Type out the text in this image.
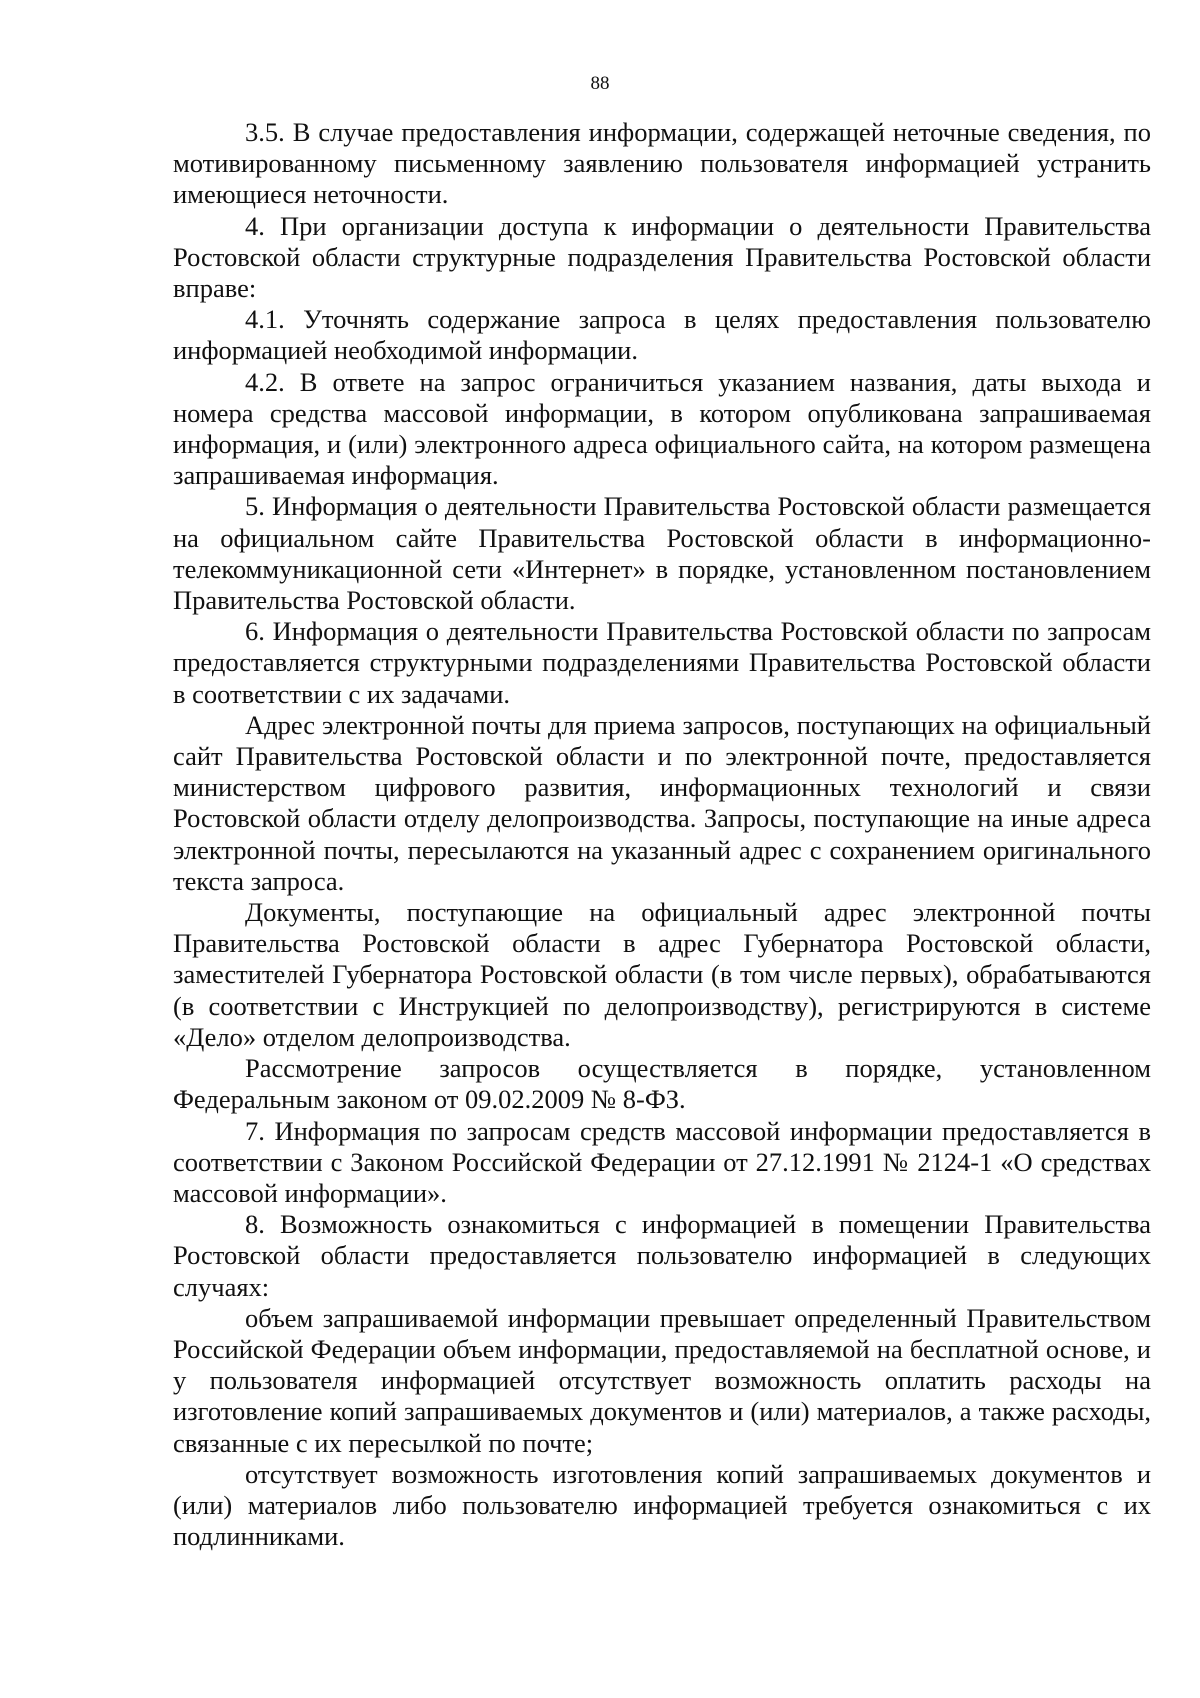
88

3.5. В случае предоставления информации, содержащей неточные сведения, по мотивированному письменному заявлению пользователя информацией устранить имеющиеся неточности.

4. При организации доступа к информации о деятельности Правительства Ростовской области структурные подразделения Правительства Ростовской области вправе:

4.1. Уточнять содержание запроса в целях предоставления пользователю информацией необходимой информации.

4.2. В ответе на запрос ограничиться указанием названия, даты выхода и номера средства массовой информации, в котором опубликована запрашиваемая информация, и (или) электронного адреса официального сайта, на котором размещена запрашиваемая информация.

5. Информация о деятельности Правительства Ростовской области размещается на официальном сайте Правительства Ростовской области в информационно-телекоммуникационной сети «Интернет» в порядке, установленном постановлением Правительства Ростовской области.

6. Информация о деятельности Правительства Ростовской области по запросам предоставляется структурными подразделениями Правительства Ростовской области в соответствии с их задачами.

Адрес электронной почты для приема запросов, поступающих на официальный сайт Правительства Ростовской области и по электронной почте, предоставляется министерством цифрового развития, информационных технологий и связи Ростовской области отделу делопроизводства. Запросы, поступающие на иные адреса электронной почты, пересылаются на указанный адрес с сохранением оригинального текста запроса.

Документы, поступающие на официальный адрес электронной почты Правительства Ростовской области в адрес Губернатора Ростовской области, заместителей Губернатора Ростовской области (в том числе первых), обрабатываются (в соответствии с Инструкцией по делопроизводству), регистрируются в системе «Дело» отделом делопроизводства.

Рассмотрение запросов осуществляется в порядке, установленном Федеральным законом от 09.02.2009 № 8-ФЗ.

7. Информация по запросам средств массовой информации предоставляется в соответствии с Законом Российской Федерации от 27.12.1991 № 2124-1 «О средствах массовой информации».

8. Возможность ознакомиться с информацией в помещении Правительства Ростовской области предоставляется пользователю информацией в следующих случаях:

объем запрашиваемой информации превышает определенный Правительством Российской Федерации объем информации, предоставляемой на бесплатной основе, и у пользователя информацией отсутствует возможность оплатить расходы на изготовление копий запрашиваемых документов и (или) материалов, а также расходы, связанные с их пересылкой по почте;

отсутствует возможность изготовления копий запрашиваемых документов и (или) материалов либо пользователю информацией требуется ознакомиться с их подлинниками.
